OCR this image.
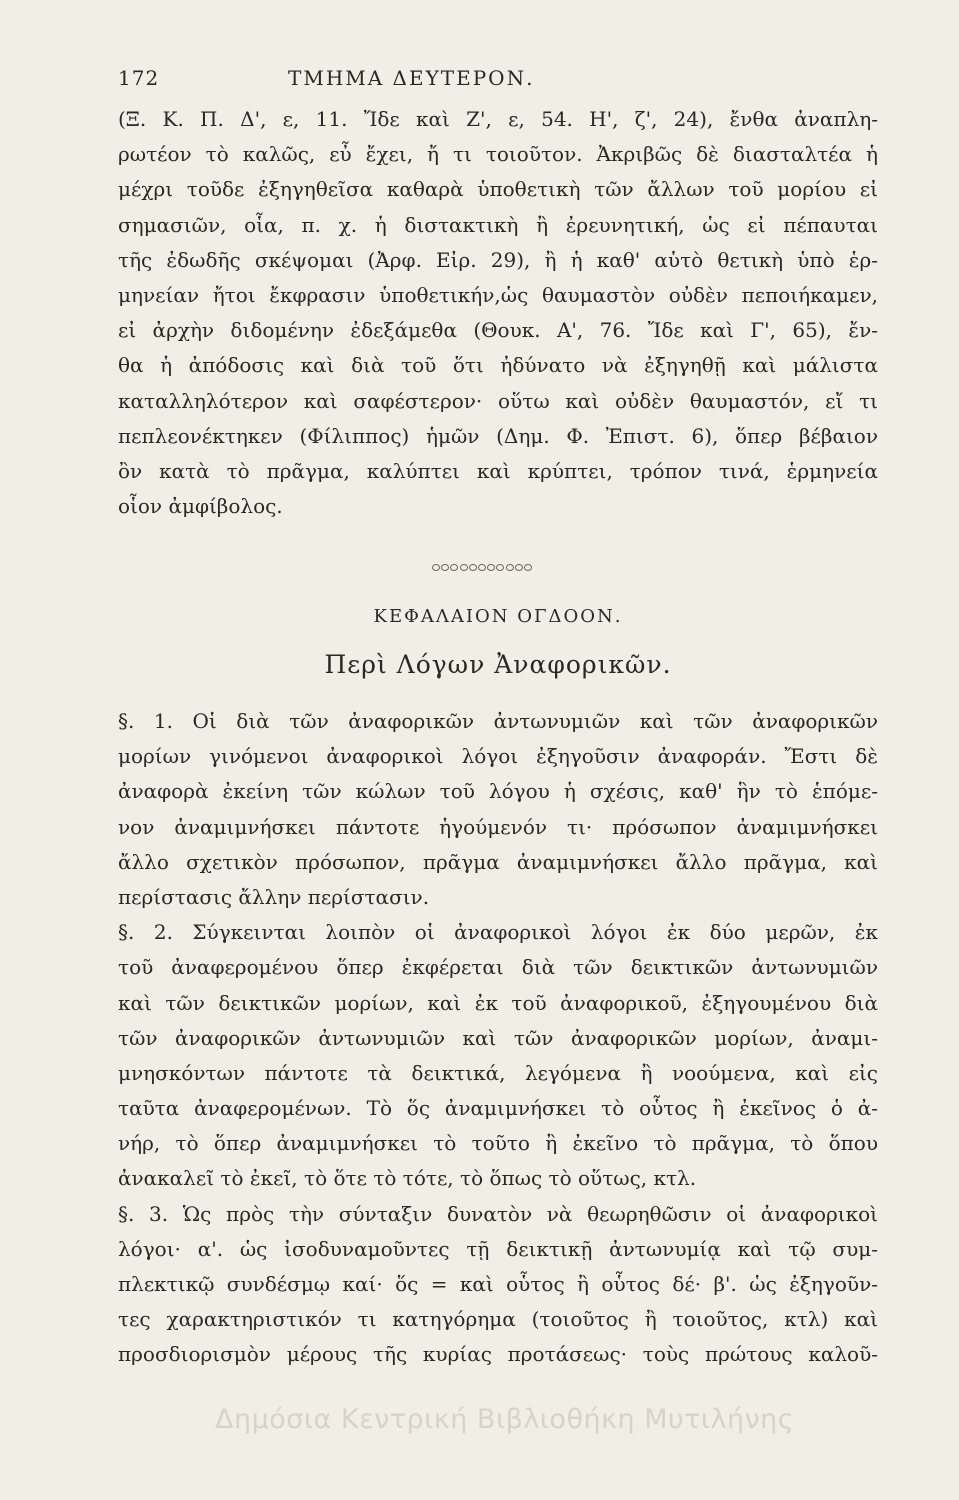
172	ΤΜΗΜΑ ΔΕΥΤΕΡΟΝ.
(Ξ. Κ. Π. Δ', ε, 11. Ἴδε καὶ Ζ', ε, 54. Η', ζ', 24), ἔνθα ἀναπλη-
ρωτέον τὸ καλῶς, εὖ ἔχει, ἤ τι τοιοῦτον. Ἀκριβῶς δὲ διασταλτέα ἡ
μέχρι τοῦδε ἐξηγηθεῖσα καθαρὰ ὑποθετικὴ τῶν ἄλλων τοῦ μορίου εἰ
σημασιῶν, οἷα, π. χ. ἡ διστακτικὴ ἢ ἐρευνητική, ὡς εἰ πέπαυται
τῆς ἐδωδῆς σκέψομαι (Ἀρφ. Εἰρ. 29), ἢ ἡ καθ' αὑτὸ θετικὴ ὑπὸ ἑρ-
μηνείαν ἤτοι ἔκφρασιν ὑποθετικήν,ὡς θαυμαστὸν οὐδὲν πεποιήκαμεν,
εἰ ἀρχὴν διδομένην ἐδεξάμεθα (Θουκ. Α', 76. Ἴδε καὶ Γ', 65), ἔν-
θα ἡ ἀπόδοσις καὶ διὰ τοῦ ὅτι ἠδύνατο νὰ ἐξηγηθῇ καὶ μάλιστα
καταλληλότερον καὶ σαφέστερον· οὕτω καὶ οὐδὲν θαυμαστόν, εἴ τι
πεπλεονέκτηκεν (Φίλιππος) ἡμῶν (Δημ. Φ. Ἐπιστ. 6), ὅπερ βέβαιον
ὂν κατὰ τὸ πρᾶγμα, καλύπτει καὶ κρύπτει, τρόπον τινά, ἑρμηνεία
οἷον ἀμφίβολος.
ΚΕΦΑΛΑΙΟΝ ΟΓΔΟΟΝ.
Περὶ Λόγων Ἀναφορικῶν.
§. 1. Οἱ διὰ τῶν ἀναφορικῶν ἀντωνυμιῶν καὶ τῶν ἀναφορικῶν
μορίων γινόμενοι ἀναφορικοὶ λόγοι ἐξηγοῦσιν ἀναφοράν. Ἔστι δὲ
ἀναφορὰ ἐκείνη τῶν κώλων τοῦ λόγου ἡ σχέσις, καθ' ἣν τὸ ἑπόμε-
νον ἀναμιμνήσκει πάντοτε ἡγούμενόν τι· πρόσωπον ἀναμιμνήσκει
ἄλλο σχετικὸν πρόσωπον, πρᾶγμα ἀναμιμνήσκει ἄλλο πρᾶγμα, καὶ
περίστασις ἄλλην περίστασιν.
§. 2. Σύγκεινται λοιπὸν οἱ ἀναφορικοὶ λόγοι ἐκ δύο μερῶν, ἐκ
τοῦ ἀναφερομένου ὅπερ ἐκφέρεται διὰ τῶν δεικτικῶν ἀντωνυμιῶν
καὶ τῶν δεικτικῶν μορίων, καὶ ἐκ τοῦ ἀναφορικοῦ, ἐξηγουμένου διὰ
τῶν ἀναφορικῶν ἀντωνυμιῶν καὶ τῶν ἀναφορικῶν μορίων, ἀναμι-
μνησκόντων πάντοτε τὰ δεικτικά, λεγόμενα ἢ νοούμενα, καὶ εἰς
ταῦτα ἀναφερομένων. Τὸ ὅς ἀναμιμνήσκει τὸ οὗτος ἢ ἐκεῖνος ὁ ἀ-
νήρ, τὸ ὅπερ ἀναμιμνήσκει τὸ τοῦτο ἢ ἐκεῖνο τὸ πρᾶγμα, τὸ ὅπου
ἀνακαλεῖ τὸ ἐκεῖ, τὸ ὅτε τὸ τότε, τὸ ὅπως τὸ οὕτως, κτλ.
§. 3. Ὡς πρὸς τὴν σύνταξιν δυνατὸν νὰ θεωρηθῶσιν οἱ ἀναφορικοὶ
λόγοι· α'. ὡς ἰσοδυναμοῦντες τῇ δεικτικῇ ἀντωνυμίᾳ καὶ τῷ συμ-
πλεκτικῷ συνδέσμῳ καί· ὅς = καὶ οὗτος ἢ οὗτος δέ· β'. ὡς ἐξηγοῦν-
τες χαρακτηριστικόν τι κατηγόρημα (τοιοῦτος ἢ τοιοῦτος, κτλ) καὶ
προσδιορισμὸν μέρους τῆς κυρίας προτάσεως· τοὺς πρώτους καλοῦ-
Δημόσια Κεντρική Βιβλιοθήκη Μυτιλήνης
